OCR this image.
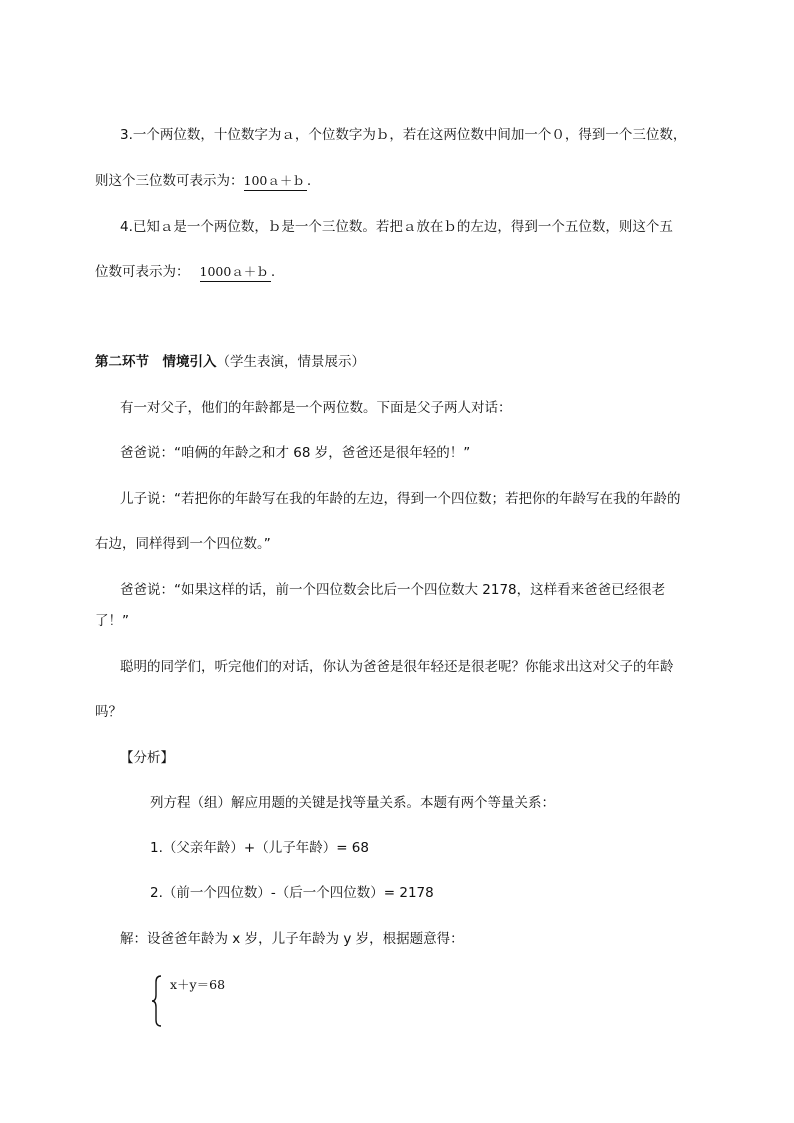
3.一个两位数，十位数字为ａ，个位数字为ｂ，若在这两位数中间加一个０，得到一个三位数，
则这个三位数可表示为：100ａ＋ｂ .
4.已知ａ是一个两位数，ｂ是一个三位数。若把ａ放在ｂ的左边，得到一个五位数，则这个五
位数可表示为： 1000ａ＋ｂ .
第二环节　情境引入（学生表演，情景展示）
有一对父子，他们的年龄都是一个两位数。下面是父子两人对话：
爸爸说：“咱俩的年龄之和才 68 岁，爸爸还是很年轻的！”
儿子说：“若把你的年龄写在我的年龄的左边，得到一个四位数；若把你的年龄写在我的年龄的
右边，同样得到一个四位数。”
爸爸说：“如果这样的话，前一个四位数会比后一个四位数大 2178，这样看来爸爸已经很老
了！”
聪明的同学们，听完他们的对话，你认为爸爸是很年轻还是很老呢？你能求出这对父子的年龄
吗？
【分析】
列方程（组）解应用题的关键是找等量关系。本题有两个等量关系：
1.（父亲年龄）+（儿子年龄）= 68
2.（前一个四位数）-（后一个四位数）= 2178
解：设爸爸年龄为 x 岁，儿子年龄为 y 岁，根据题意得：
x＋y＝68
